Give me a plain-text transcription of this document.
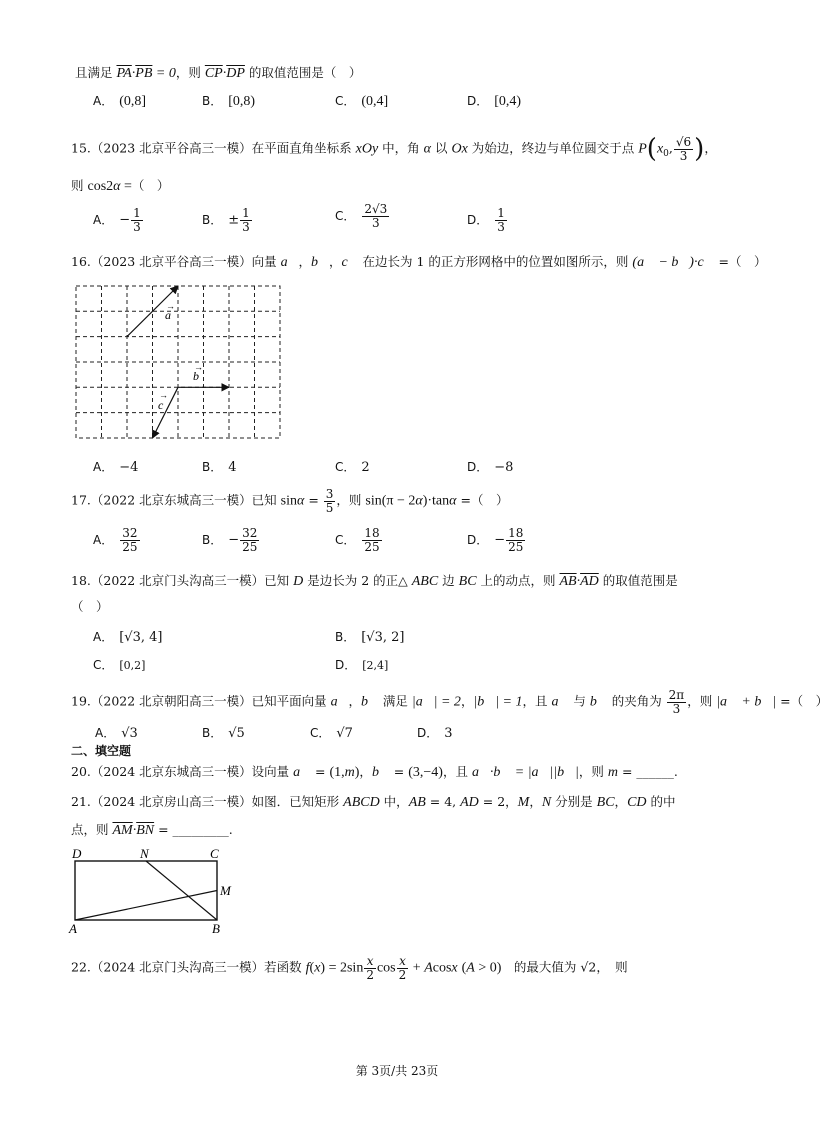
且满足 $\overline{PA}\cdot\overline{PB} = 0$，则 $\overline{CP}\cdot\overline{DP}$ 的取值范围是（　）
A． (0,8]	B． [0,8)	C． (0,4]	D． [0,4)
15.（2023 北京平谷高三一模）在平面直角坐标系 xOy 中，角 α 以 Ox 为始边，终边与单位圆交于点 $P(x_0$, $\frac{√6}{3}$ )，
则 cos2α =（　）
A． − $\frac{1}{3}$	B． ± $\frac{1}{3}$	C． $\frac{2√3}{3}$	D． $\frac{1}{3}$
16.（2023 北京平谷高三一模）向量 a⃗，b⃗，c⃗ 在边长为 1 的正方形网格中的位置如图所示，则 (a⃗ − b⃗)·c⃗ =（　）
a
→
b
→
c
→
A． −4	B． 4	C． 2	D． −8
17.（2022 北京东城高三一模）已知 $\sin\alpha = \frac{3}{5}$ ，则 sin(π − 2α)·tanα =（　）
A． $\frac{32}{25}$	B． − $\frac{32}{25}$	C． $\frac{18}{25}$	D． − $\frac{18}{25}$
18.（2022 北京门头沟高三一模）已知 D 是边长为 2 的正△ ABC 边 BC 上的动点，则 $\overline{AB}\cdot\overline{AD}$ 的取值范围是
（　）
A． [√3, 4]	B． [√3, 2]
C． [0,2]	D． [2,4]
19.（2022 北京朝阳高三一模）已知平面向量 a⃗，b⃗ 满足 |a⃗| = 2，|b⃗| = 1，且 a⃗ 与 b⃗ 的夹角为 $\frac{2\pi}{3}$ ，则 |a⃗ + b⃗| =（　）
A． √3	B． √5	C． √7	D． 3
二、填空题
20.（2024 北京东城高三一模）设向量 a⃗ = (1,m)，b⃗ = (3,−4)，且 a⃗·b⃗ = |a⃗||b⃗|，则 m = ______.
21.（2024 北京房山高三一模）如图．已知矩形 ABCD 中，AB = 4, AD = 2，M，N 分别是 BC，CD 的中
点，则 $\overline{AM}\cdot\overline{BN}$ = _________.
D	N	C
M
A	B
22.（2024 北京门头沟高三一模）若函数 $f(x) = 2\sin \frac{x}{2}$ $\cos \frac{x}{2} + Acosx$ (A > 0)　的最大值为 √2，　则
第 3页/共 23页
